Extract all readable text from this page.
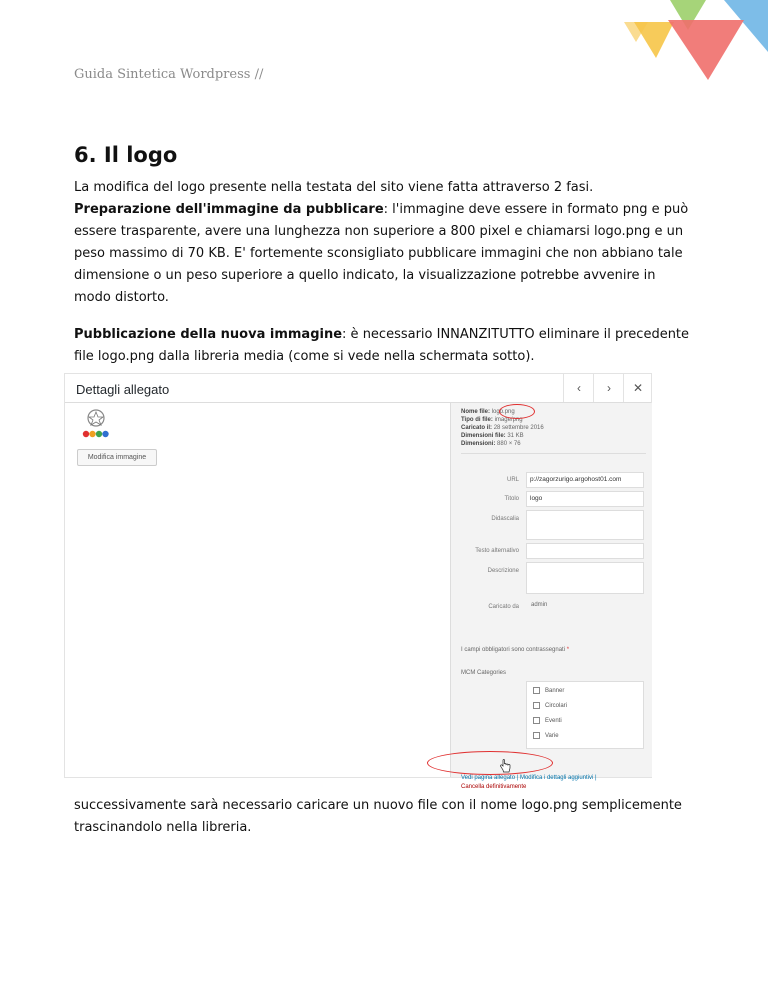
Guida Sintetica Wordpress //
6. Il logo

La modifica del logo presente nella testata del sito viene fatta attraverso 2 fasi.

Preparazione dell'immagine da pubblicare: l'immagine deve essere in formato png e può essere trasparente, avere una lunghezza non superiore a 800 pixel e chiamarsi logo.png e un peso massimo di 70 KB. E' fortemente sconsigliato pubblicare immagini che non abbiano tale dimensione o un peso superiore a quello indicato, la visualizzazione potrebbe avvenire in modo distorto.

Pubblicazione della nuova immagine: è necessario INNANZITUTTO eliminare il precedente file logo.png dalla libreria media (come si vede nella schermata sotto).

Dettagli allegato	‹	›	✕
Modifica immagine
Nome file: logo.png
Tipo di file: image/png
Caricato il: 28 settembre 2016
Dimensioni file: 31 KB
Dimensioni: 880 × 76
URL	p://zagorzurigo.argohost01.com
Titolo	logo
Didascalia
Testo alternativo
Descrizione
Caricato da admin
I campi obbligatori sono contrassegnati *
MCM Categories
Banner
Circolari
Eventi
Varie
Vedi pagina allegato | Modifica i dettagli aggiuntivi |
Cancella definitivamente

successivamente sarà necessario caricare un nuovo file con il nome logo.png semplicemente trascinandolo nella libreria.
